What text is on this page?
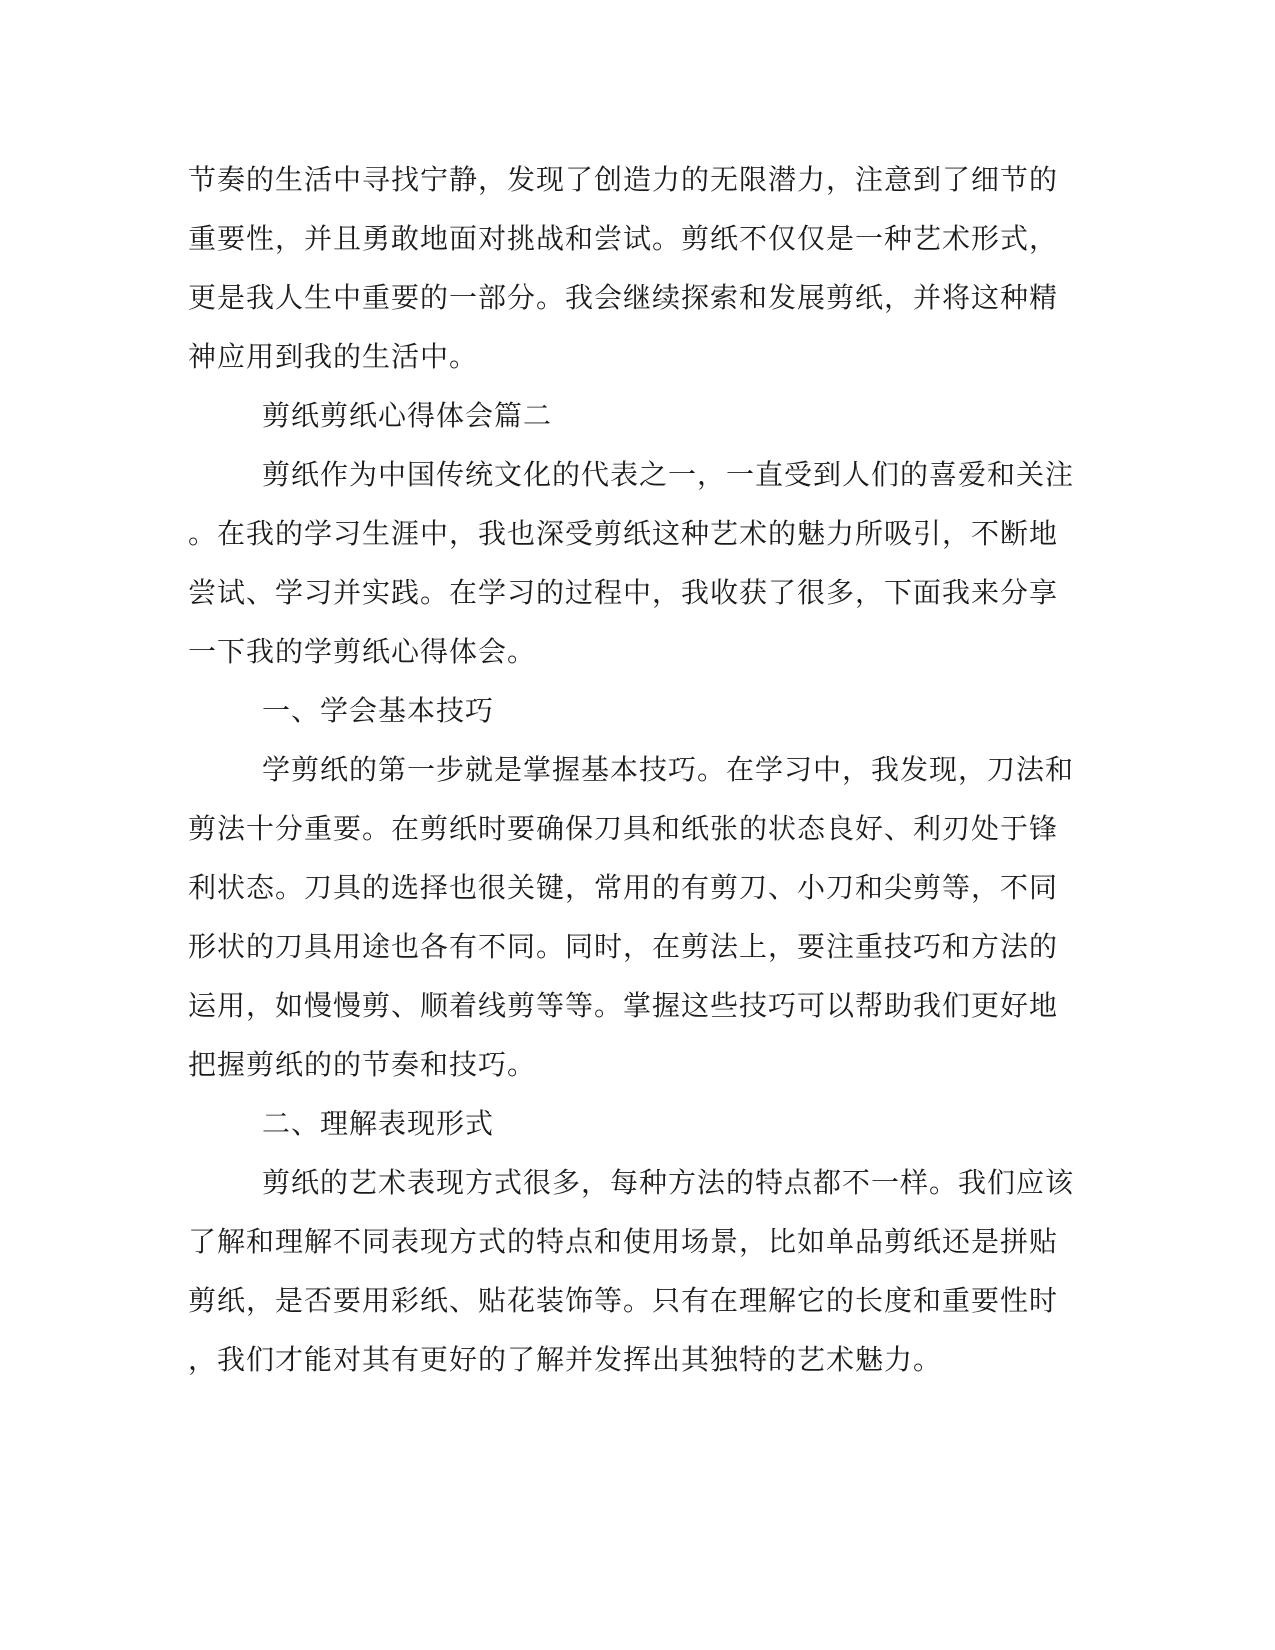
节奏的生活中寻找宁静，发现了创造力的无限潜力，注意到了细节的
重要性，并且勇敢地面对挑战和尝试。剪纸不仅仅是一种艺术形式，
更是我人生中重要的一部分。我会继续探索和发展剪纸，并将这种精
神应用到我的生活中。
剪纸剪纸心得体会篇二
剪纸作为中国传统文化的代表之一，一直受到人们的喜爱和关注
。在我的学习生涯中，我也深受剪纸这种艺术的魅力所吸引，不断地
尝试、学习并实践。在学习的过程中，我收获了很多，下面我来分享
一下我的学剪纸心得体会。
一、学会基本技巧
学剪纸的第一步就是掌握基本技巧。在学习中，我发现，刀法和
剪法十分重要。在剪纸时要确保刀具和纸张的状态良好、利刃处于锋
利状态。刀具的选择也很关键，常用的有剪刀、小刀和尖剪等，不同
形状的刀具用途也各有不同。同时，在剪法上，要注重技巧和方法的
运用，如慢慢剪、顺着线剪等等。掌握这些技巧可以帮助我们更好地
把握剪纸的的节奏和技巧。
二、理解表现形式
剪纸的艺术表现方式很多，每种方法的特点都不一样。我们应该
了解和理解不同表现方式的特点和使用场景，比如单品剪纸还是拼贴
剪纸，是否要用彩纸、贴花装饰等。只有在理解它的长度和重要性时
，我们才能对其有更好的了解并发挥出其独特的艺术魅力。
